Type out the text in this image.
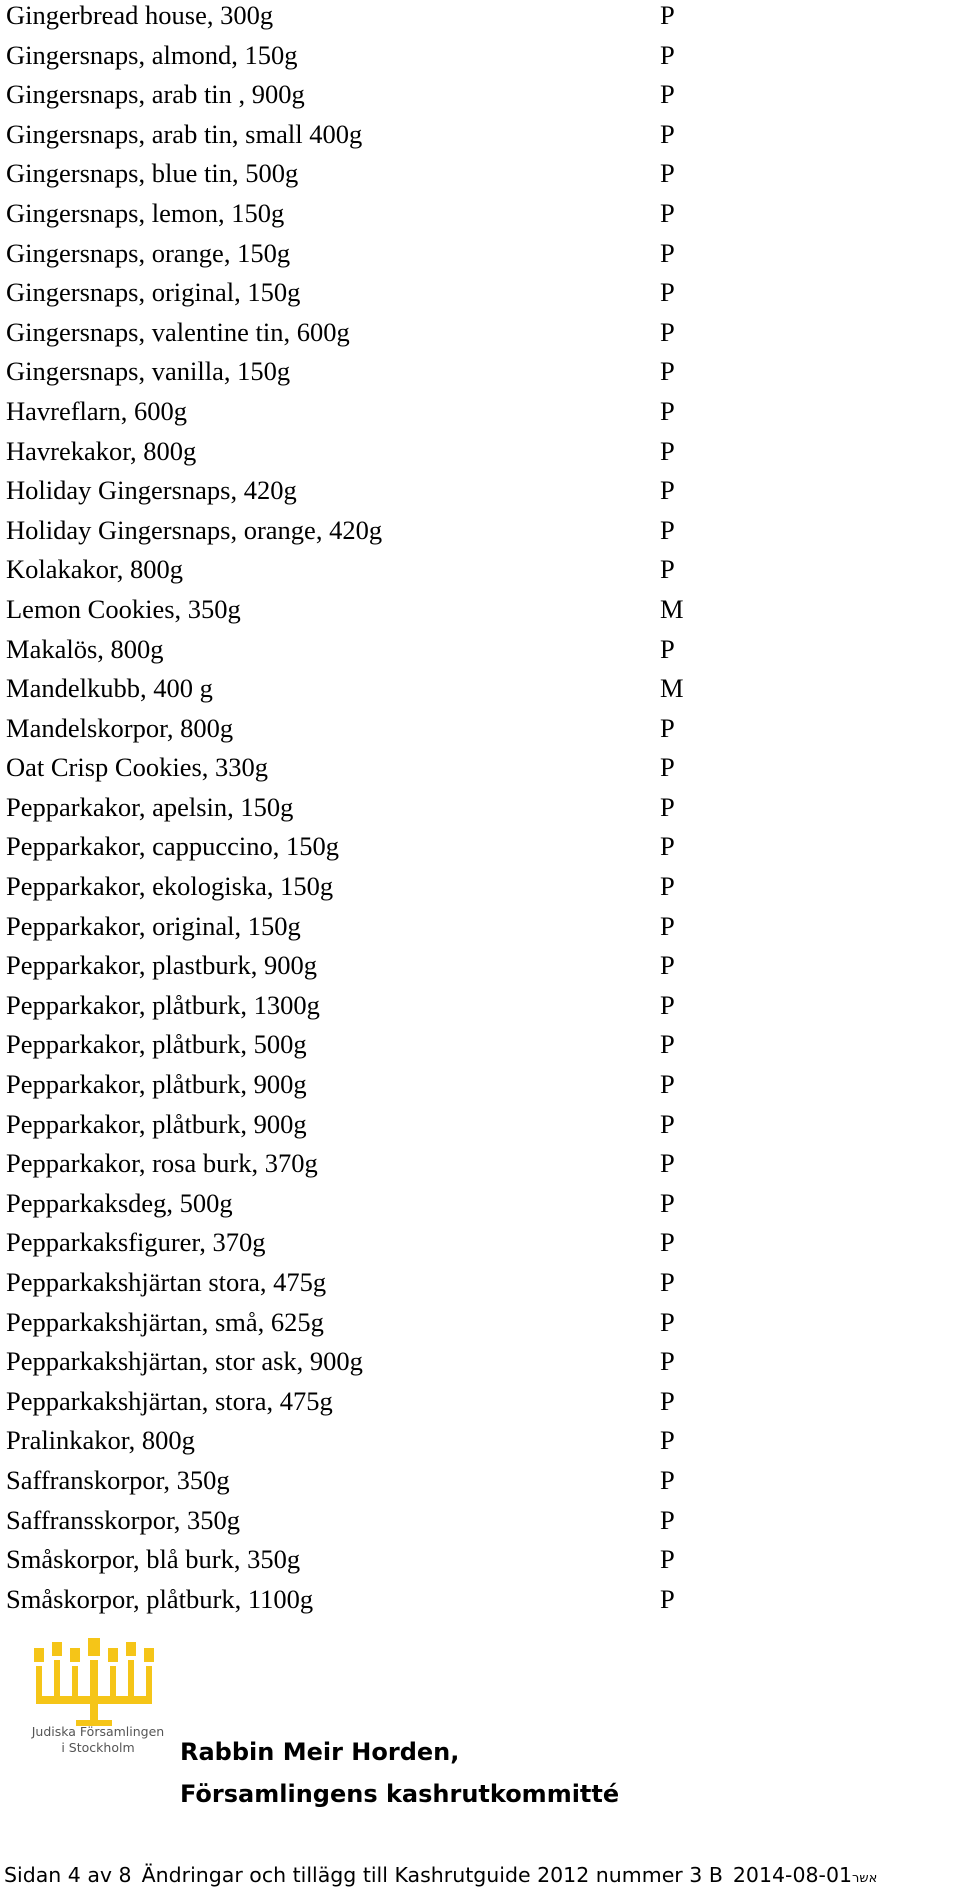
Gingerbread house, 300g	P
Gingersnaps, almond, 150g	P
Gingersnaps, arab tin , 900g	P
Gingersnaps, arab tin, small 400g	P
Gingersnaps, blue tin, 500g	P
Gingersnaps, lemon, 150g	P
Gingersnaps, orange, 150g	P
Gingersnaps, original, 150g	P
Gingersnaps, valentine tin, 600g	P
Gingersnaps, vanilla, 150g	P
Havreflarn, 600g	P
Havrekakor, 800g	P
Holiday Gingersnaps, 420g	P
Holiday Gingersnaps, orange, 420g	P
Kolakakor, 800g	P
Lemon Cookies, 350g	M
Makalös, 800g	P
Mandelkubb, 400 g	M
Mandelskorpor, 800g	P
Oat Crisp Cookies, 330g	P
Pepparkakor, apelsin, 150g	P
Pepparkakor, cappuccino, 150g	P
Pepparkakor, ekologiska, 150g	P
Pepparkakor, original, 150g	P
Pepparkakor, plastburk, 900g	P
Pepparkakor, plåtburk, 1300g	P
Pepparkakor, plåtburk, 500g	P
Pepparkakor, plåtburk, 900g	P
Pepparkakor, plåtburk, 900g	P
Pepparkakor, rosa burk, 370g	P
Pepparkaksdeg, 500g	P
Pepparkaksfigurer, 370g	P
Pepparkakshjärtan stora, 475g	P
Pepparkakshjärtan, små, 625g	P
Pepparkakshjärtan, stor ask, 900g	P
Pepparkakshjärtan, stora, 475g	P
Pralinkakor, 800g	P
Saffranskorpor, 350g	P
Saffransskorpor, 350g	P
Småskorpor, blå burk, 350g	P
Småskorpor, plåtburk, 1100g	P
Judiska Församlingen
i Stockholm	Rabbin Meir Horden,
Församlingens kashrutkommitté
Sidan 4 av 8 Ändringar och tillägg till Kashrutguide 2012 nummer 3 B 2014-08-01אשר
